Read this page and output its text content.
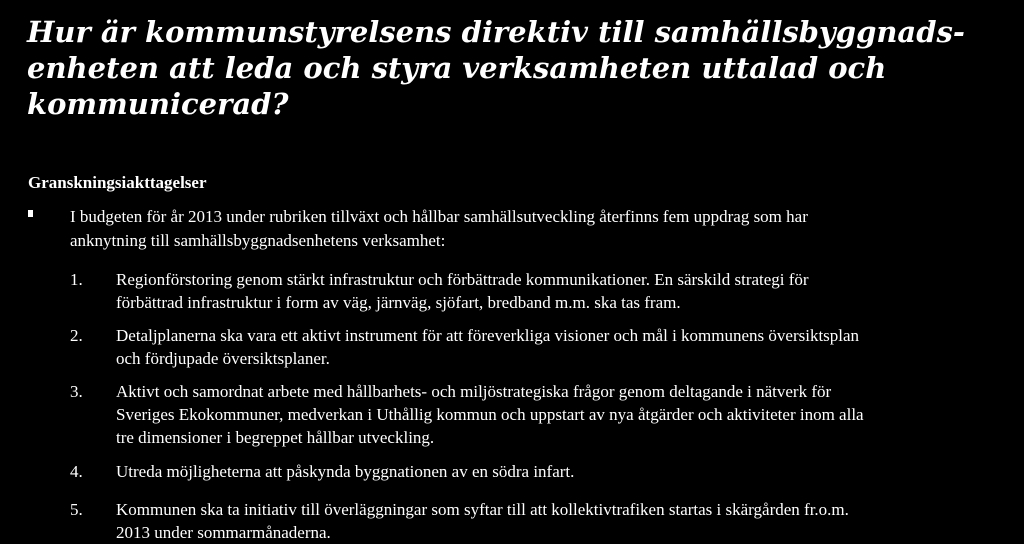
Hur är kommunstyrelsens direktiv till samhällsbyggnads-
enheten att leda och styra verksamheten uttalad och
kommunicerad?
Granskningsiakttagelser
I budgeten för år 2013 under rubriken tillväxt och hållbar samhällsutveckling återfinns fem uppdrag som har
anknytning till samhällsbyggnadsenhetens verksamhet:
1. Regionförstoring genom stärkt infrastruktur och förbättrade kommunikationer. En särskild strategi för
förbättrad infrastruktur i form av väg, järnväg, sjöfart, bredband m.m. ska tas fram.
2. Detaljplanerna ska vara ett aktivt instrument för att föreverkliga visioner och mål i kommunens översiktsplan
och fördjupade översiktsplaner.
3. Aktivt och samordnat arbete med hållbarhets- och miljöstrategiska frågor genom deltagande i nätverk för
Sveriges Ekokommuner, medverkan i Uthållig kommun och uppstart av nya åtgärder och aktiviteter inom alla
tre dimensioner i begreppet hållbar utveckling.
4. Utreda möjligheterna att påskynda byggnationen av en södra infart.
5. Kommunen ska ta initiativ till överläggningar som syftar till att kollektivtrafiken startas i skärgården fr.o.m.
2013 under sommarmånaderna.
